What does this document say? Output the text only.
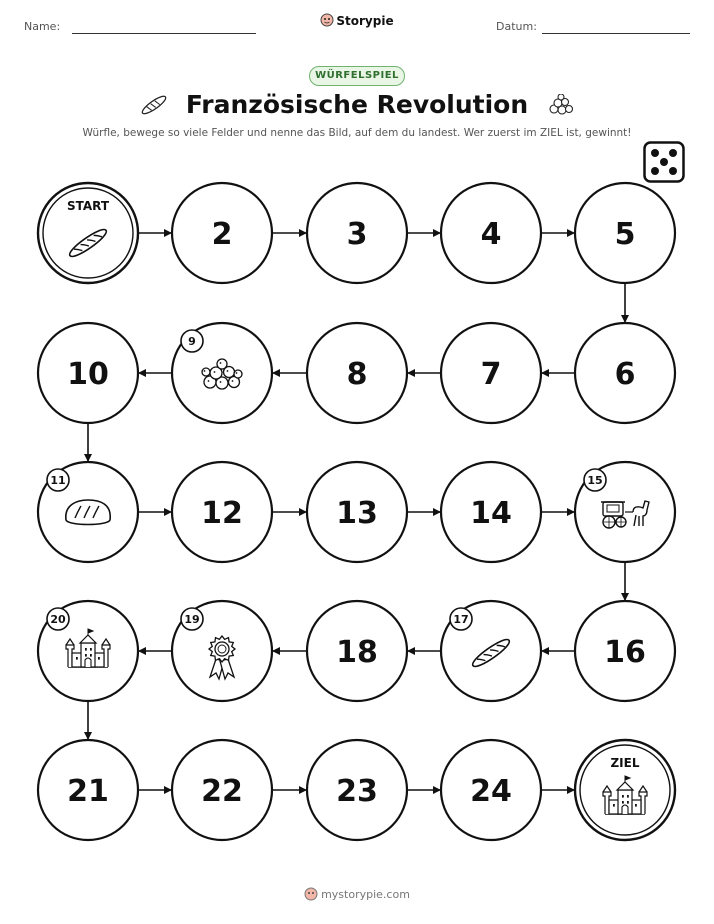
Name:	Storypie	Datum:
WÜRFELSPIEL
Französische Revolution
Würfle, bewege so viele Felder und nenne das Bild, auf dem du landest. Wer zuerst im ZIEL ist, gewinnt!
START
2	3	4	5
6
7
8
9
10
11
12	13	14
15
16
17
18
19
20
21	22	23	24
ZIEL
mystorypie.com
